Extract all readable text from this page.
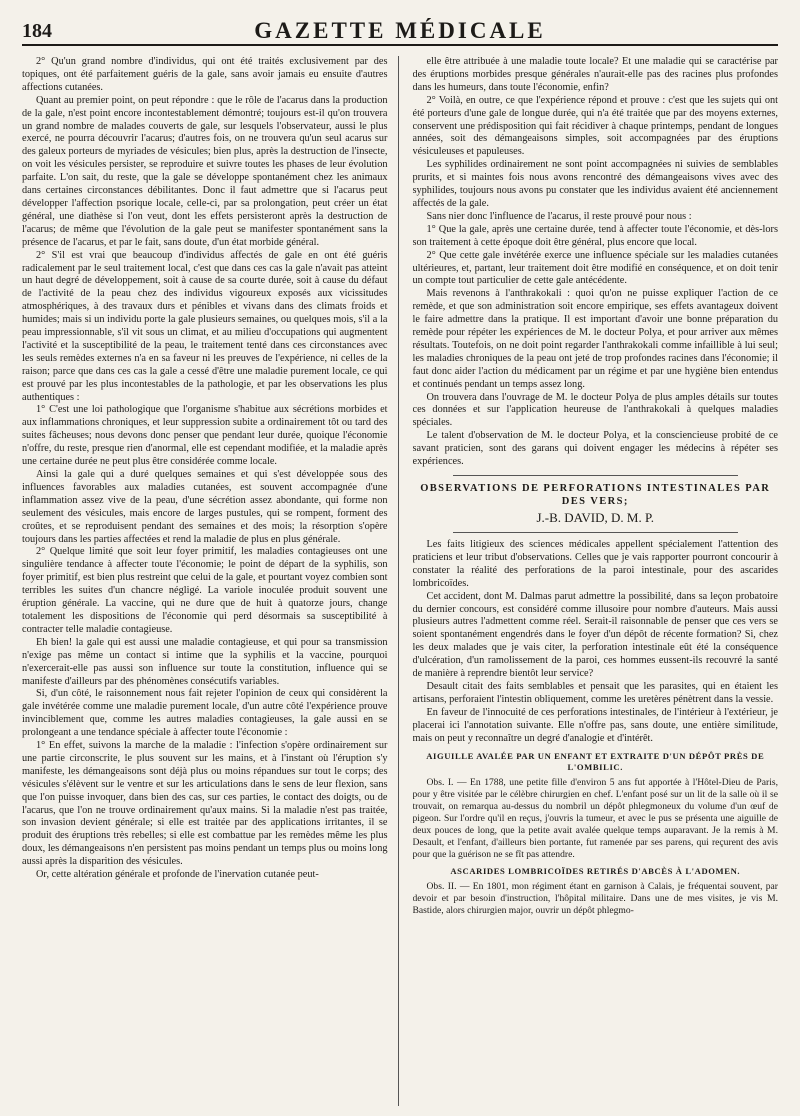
184	GAZETTE MÉDICALE

2° Qu'un grand nombre d'individus, qui ont été traités exclusivement par des topiques, ont été parfaitement guéris de la gale, sans avoir jamais eu ensuite d'autres affections cutanées.

Quant au premier point, on peut répondre : que le rôle de l'acarus dans la production de la gale, n'est point encore incontestablement démontré; toujours est-il qu'on trouvera un grand nombre de malades couverts de gale, sur lesquels l'observateur, aussi le plus exercé, ne pourra découvrir l'acarus; d'autres fois, on ne trouvera qu'un seul acarus sur des galeux porteurs de myriades de vésicules; bien plus, après la destruction de l'insecte, on voit les vésicules persister, se reproduire et suivre toutes les phases de leur évolution parfaite. L'on sait, du reste, que la gale se développe spontanément chez les animaux dans certaines circonstances débilitantes. Donc il faut admettre que si l'acarus peut développer l'affection psorique locale, celle-ci, par sa prolongation, peut créer un état général, une diathèse si l'on veut, dont les effets persisteront après la destruction de l'acarus; de même que l'évolution de la gale peut se manifester spontanément sans la présence de l'acarus, et par le fait, sans doute, d'un état morbide général.

2° S'il est vrai que beaucoup d'individus affectés de gale en ont été guéris radicalement par le seul traitement local, c'est que dans ces cas la gale n'avait pas atteint un haut degré de développement, soit à cause de sa courte durée, soit à cause du défaut de l'activité de la peau chez des individus vigoureux exposés aux vicissitudes atmosphériques, à des travaux durs et pénibles et vivans dans des climats froids et humides; mais si un individu porte la gale plusieurs semaines, ou quelques mois, s'il a la peau impressionnable, s'il vit sous un climat, et au milieu d'occupations qui augmentent l'activité et la susceptibilité de la peau, le traitement tenté dans ces circonstances avec les seuls remèdes externes n'a en sa faveur ni les preuves de l'expérience, ni celles de la raison; parce que dans ces cas la gale a cessé d'être une maladie purement locale, ce qui est prouvé par les plus incontestables de la pathologie, et par les observations les plus authentiques :

1° C'est une loi pathologique que l'organisme s'habitue aux sécrétions morbides et aux inflammations chroniques, et leur suppression subite a ordinairement tôt ou tard des suites fâcheuses; nous devons donc penser que pendant leur durée, quoique l'économie n'offre, du reste, presque rien d'anormal, elle est cependant modifiée, et la maladie après une certaine durée ne peut plus être considérée comme locale.

Ainsi la gale qui a duré quelques semaines et qui s'est développée sous des influences favorables aux maladies cutanées, est souvent accompagnée d'une inflammation assez vive de la peau, d'une sécrétion assez abondante, qui forme non seulement des vésicules, mais encore de larges pustules, qui se rompent, forment des croûtes, et se reproduisent pendant des semaines et des mois; la résorption s'opère toujours dans les parties affectées et rend la maladie de plus en plus générale.

2° Quelque limité que soit leur foyer primitif, les maladies contagieuses ont une singulière tendance à affecter toute l'économie; le point de départ de la syphilis, son foyer primitif, est bien plus restreint que celui de la gale, et pourtant voyez combien sont terribles les suites d'un chancre négligé. La variole inoculée produit souvent une éruption générale. La vaccine, qui ne dure que de huit à quatorze jours, change totalement les dispositions de l'économie qui perd désormais sa susceptibilité à contracter telle maladie contagieuse.

Eh bien! la gale qui est aussi une maladie contagieuse, et qui pour sa transmission n'exige pas même un contact si intime que la syphilis et la vaccine, pourquoi n'exercerait-elle pas aussi son influence sur toute la constitution, influence qui se manifeste d'ailleurs par des phénomènes consécutifs variables.

Si, d'un côté, le raisonnement nous fait rejeter l'opinion de ceux qui considèrent la gale invétérée comme une maladie purement locale, d'un autre côté l'expérience prouve invinciblement que, comme les autres maladies contagieuses, la gale aussi en se prolongeant a une tendance spéciale à affecter toute l'économie :

1° En effet, suivons la marche de la maladie : l'infection s'opère ordinairement sur une partie circonscrite, le plus souvent sur les mains, et à l'instant où l'éruption s'y manifeste, les démangeaisons sont déjà plus ou moins répandues sur tout le corps; des vésicules s'élèvent sur le ventre et sur les articulations dans le sens de leur flexion, sans que l'on puisse invoquer, dans bien des cas, sur ces parties, le contact des doigts, ou de l'acarus, que l'on ne trouve ordinairement qu'aux mains. Si la maladie n'est pas traitée, son invasion devient générale; si elle est traitée par des applications irritantes, il se produit des éruptions très rebelles; si elle est combattue par les remèdes même les plus doux, les démangeaisons n'en persistent pas moins pendant un temps plus ou moins long aussi après la disparition des vésicules.

Or, cette altération générale et profonde de l'inervation cutanée peut-

elle être attribuée à une maladie toute locale? Et une maladie qui se caractérise par des éruptions morbides presque générales n'aurait-elle pas des racines plus profondes dans les humeurs, dans toute l'économie, enfin?

2° Voilà, en outre, ce que l'expérience répond et prouve : c'est que les sujets qui ont été porteurs d'une gale de longue durée, qui n'a été traitée que par des moyens externes, conservent une prédisposition qui fait récidiver à chaque printemps, pendant de longues années, soit des démangeaisons simples, soit accompagnées par des éruptions vésiculeuses et papuleuses.

Les syphilides ordinairement ne sont point accompagnées ni suivies de semblables prurits, et si maintes fois nous avons rencontré des démangeaisons vives avec des syphilides, toujours nous avons pu constater que les individus avaient été anciennement affectés de la gale.

Sans nier donc l'influence de l'acarus, il reste prouvé pour nous :

1° Que la gale, après une certaine durée, tend à affecter toute l'économie, et dès-lors son traitement à cette époque doit être général, plus encore que local.

2° Que cette gale invétérée exerce une influence spéciale sur les maladies cutanées ultérieures, et, partant, leur traitement doit être modifié en conséquence, et on doit tenir un compte tout particulier de cette gale antécédente.

Mais revenons à l'anthrakokali : quoi qu'on ne puisse expliquer l'action de ce remède, et que son administration soit encore empirique, ses effets avantageux doivent le faire admettre dans la pratique. Il est important d'avoir une bonne préparation du remède pour répéter les expériences de M. le docteur Polya, et pour arriver aux mêmes résultats. Toutefois, on ne doit point regarder l'anthrakokali comme infaillible à lui seul; les maladies chroniques de la peau ont jeté de trop profondes racines dans l'économie; il faut donc aider l'action du médicament par un régime et par une hygiène bien entendus et continués pendant un temps assez long.

On trouvera dans l'ouvrage de M. le docteur Polya de plus amples détails sur toutes ces données et sur l'application heureuse de l'anthrakokali à quelques maladies spéciales.

Le talent d'observation de M. le docteur Polya, et la consciencieuse probité de ce savant praticien, sont des garans qui doivent engager les médecins à répéter ses expériences.

OBSERVATIONS DE PERFORATIONS INTESTINALES PAR DES VERS;
J.-B. DAVID, D. M. P.

Les faits litigieux des sciences médicales appellent spécialement l'attention des praticiens et leur tribut d'observations. Celles que je vais rapporter pourront concourir à constater la réalité des perforations de la paroi intestinale, pour des ascarides lombricoïdes.

Cet accident, dont M. Dalmas parut admettre la possibilité, dans sa leçon probatoire du dernier concours, est considéré comme illusoire pour nombre d'auteurs. Mais aussi plusieurs autres l'admettent comme réel. Serait-il raisonnable de penser que ces vers se soient spontanément engendrés dans le foyer d'un dépôt de récente formation? Si, chez les deux malades que je vais citer, la perforation intestinale eût été la conséquence d'ulcération, d'un ramolissement de la paroi, ces hommes eussent-ils recouvré la santé de manière à reprendre bientôt leur service?

Desault citait des faits semblables et pensait que les parasites, qui en étaient les artisans, perforaient l'intestin obliquement, comme les uretères pénètrent dans la vessie.

En faveur de l'innocuité de ces perforations intestinales, de l'intérieur à l'extérieur, je placerai ici l'annotation suivante. Elle n'offre pas, sans doute, une entière similitude, mais on peut y reconnaître un degré d'analogie et d'intérêt.

AIGUILLE AVALÉE PAR UN ENFANT ET EXTRAITE D'UN DÉPÔT PRÈS DE L'OMBILIC.

Obs. I. — En 1788, une petite fille d'environ 5 ans fut apportée à l'Hôtel-Dieu de Paris, pour y être visitée par le célèbre chirurgien en chef. L'enfant posé sur un lit de la salle où il se trouvait, on remarqua au-dessus du nombril un dépôt phlegmoneux du volume d'un œuf de pigeon. Sur l'ordre qu'il en reçus, j'ouvris la tumeur, et avec le pus se présenta une aiguille de deux pouces de long, que la petite avait avalée quelque temps auparavant. Je la remis à M. Desault, et l'enfant, d'ailleurs bien portante, fut ramenée par ses parens, qui reçurent des avis pour que la guérison ne se fît pas attendre.

ASCARIDES LOMBRICOÏDES RETIRÉS D'ABCÈS À L'ADOMEN.

Obs. II. — En 1801, mon régiment étant en garnison à Calais, je fréquentai souvent, par devoir et par besoin d'instruction, l'hôpital militaire. Dans une de mes visites, je vis M. Bastide, alors chirurgien major, ouvrir un dépôt phlegmo-
